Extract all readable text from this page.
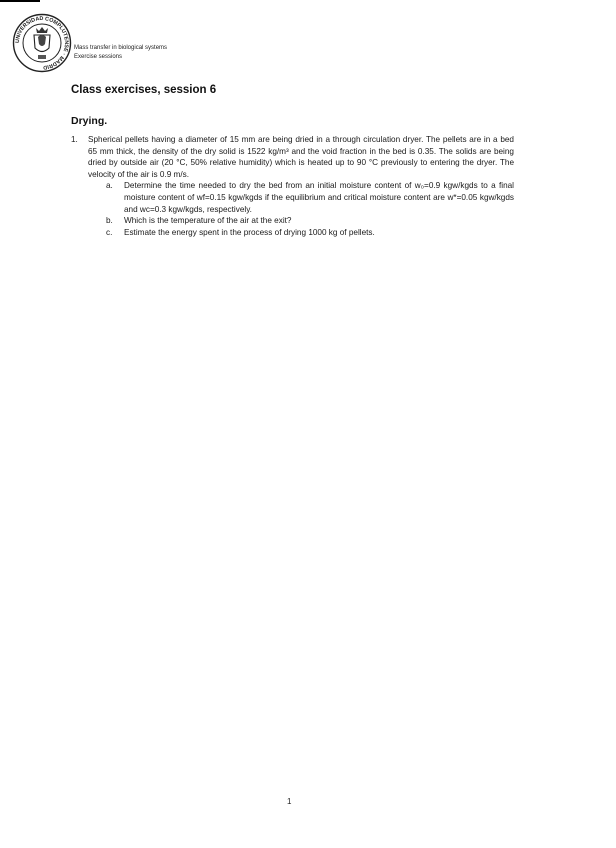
UNIVERSIDAD COMPLUTENSE · MADRID
Mass transfer in biological systems
Exercise sessions
Class exercises, session 6
Drying.
1. Spherical pellets having a diameter of 15 mm are being dried in a through circulation dryer. The pellets are in a bed 65 mm thick, the density of the dry solid is 1522 kg/m³ and the void fraction in the bed is 0.35. The solids are being dried by outside air (20 °C, 50% relative humidity) which is heated up to 90 °C previously to entering the dryer. The velocity of the air is 0.9 m/s.
a. Determine the time needed to dry the bed from an initial moisture content of w₀=0.9 kgw/kgds to a final moisture content of wf=0.15 kgw/kgds if the equilibrium and critical moisture content are w*=0.05 kgw/kgds and wc=0.3 kgw/kgds, respectively.
b. Which is the temperature of the air at the exit?
c. Estimate the energy spent in the process of drying 1000 kg of pellets.
1
